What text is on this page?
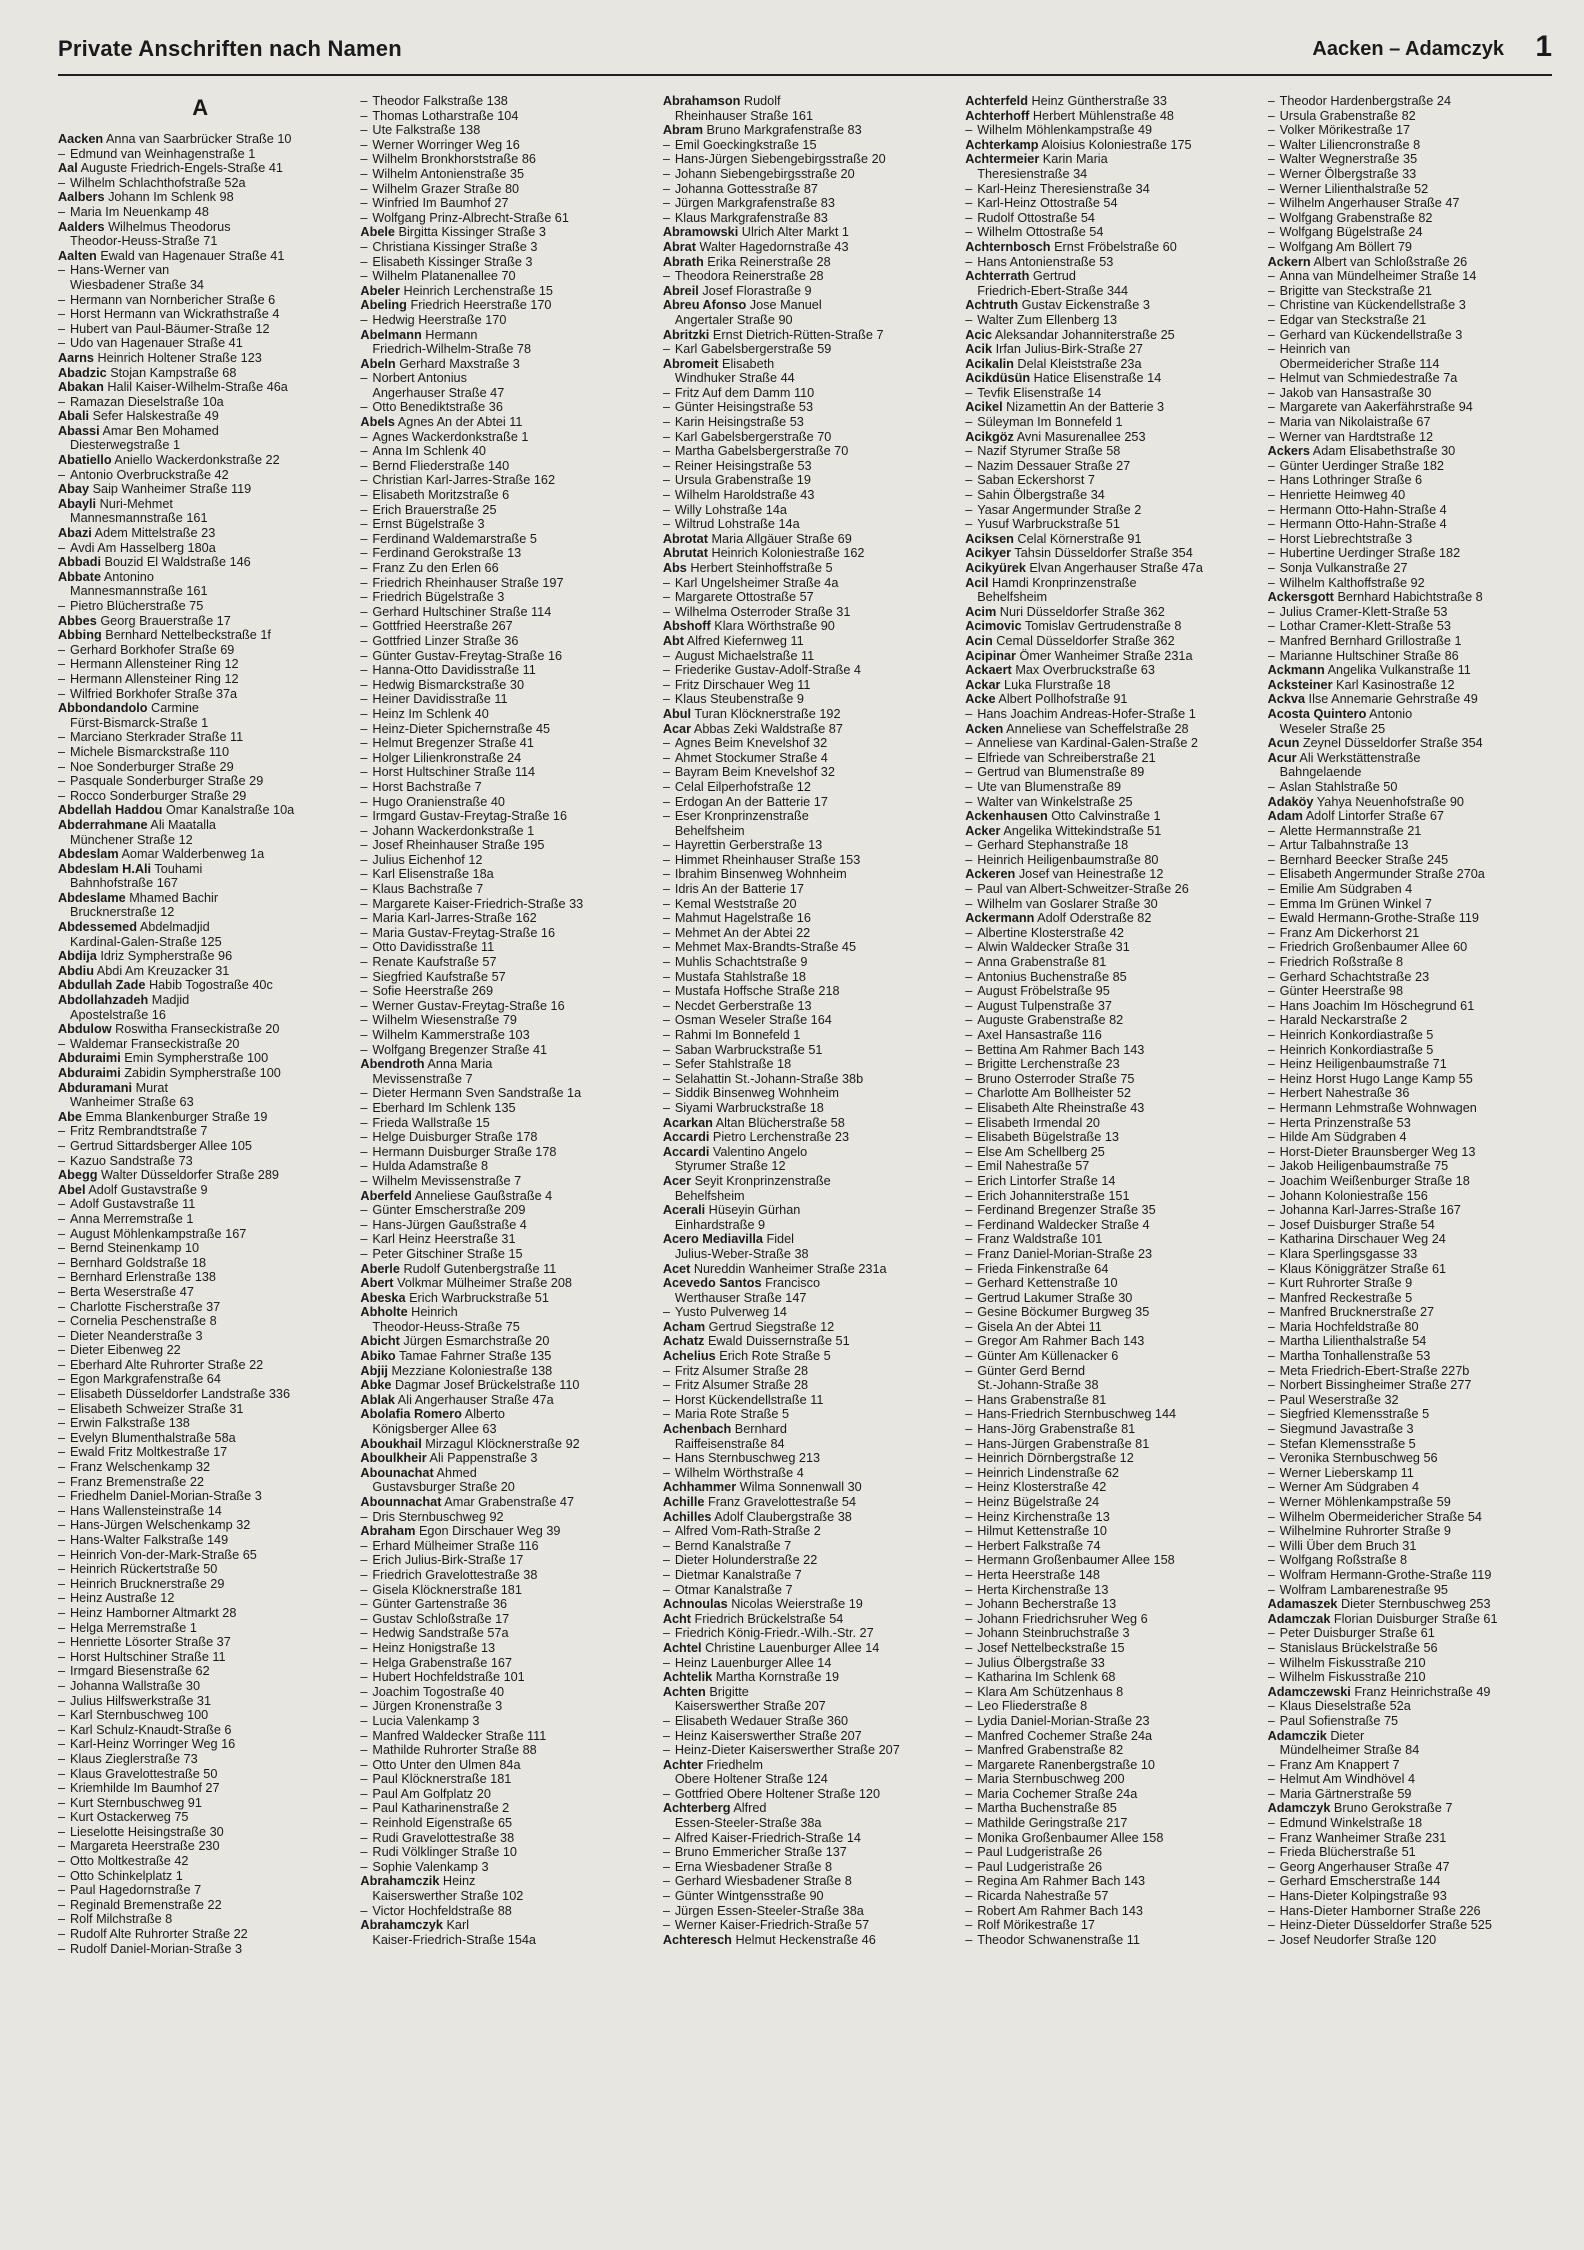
Private Anschriften nach Namen	Aacken – Adamczyk 1
A
Aacken Anna van Saarbrücker Straße 10
– Edmund van Weinhagenstraße 1
Aal Auguste Friedrich-Engels-Straße 41
– Wilhelm Schlachthofstraße 52a
Aalbers Johann Im Schlenk 98
– Maria Im Neuenkamp 48
Aalders Wilhelmus Theodorus
Theodor-Heuss-Straße 71
Aalten Ewald van Hagenauer Straße 41
– Hans-Werner van
Wiesbadener Straße 34
– Hermann van Nornbericher Straße 6
– Horst Hermann van Wickrathstraße 4
– Hubert van Paul-Bäumer-Straße 12
– Udo van Hagenauer Straße 41
Aarns Heinrich Holtener Straße 123
Abadzic Stojan Kampstraße 68
Abakan Halil Kaiser-Wilhelm-Straße 46a
– Ramazan Dieselstraße 10a
Abali Sefer Halskestraße 49
Abassi Amar Ben Mohamed
Diesterwegstraße 1
Abatiello Aniello Wackerdonkstraße 22
– Antonio Overbruckstraße 42
Abay Saip Wanheimer Straße 119
Abayli Nuri-Mehmet
Mannesmannstraße 161
Abazi Adem Mittelstraße 23
– Avdi Am Hasselberg 180a
Abbadi Bouzid El Waldstraße 146
Abbate Antonino
Mannesmannstraße 161
– Pietro Blücherstraße 75
Abbes Georg Brauerstraße 17
Abbing Bernhard Nettelbeckstraße 1f
– Gerhard Borkhofer Straße 69
– Hermann Allensteiner Ring 12
– Hermann Allensteiner Ring 12
– Wilfried Borkhofer Straße 37a
Abbondandolo Carmine
Fürst-Bismarck-Straße 1
– Marciano Sterkrader Straße 11
– Michele Bismarckstraße 110
– Noe Sonderburger Straße 29
– Pasquale Sonderburger Straße 29
– Rocco Sonderburger Straße 29
Abdellah Haddou Omar Kanalstraße 10a
Abderrahmane Ali Maatalla
Münchener Straße 12
Abdeslam Aomar Walderbenweg 1a
Abdeslam H.Ali Touhami
Bahnhofstraße 167
Abdeslame Mhamed Bachir
Brucknerstraße 12
Abdessemed Abdelmadjid
Kardinal-Galen-Straße 125
Abdija Idriz Sympherstraße 96
Abdiu Abdi Am Kreuzacker 31
Abdullah Zade Habib Togostraße 40c
Abdollahzadeh Madjid
Apostelstraße 16
Abdulow Roswitha Franseckistraße 20
– Waldemar Franseckistraße 20
Abduraimi Emin Sympherstraße 100
Abduraimi Zabidin Sympherstraße 100
Abduramani Murat
Wanheimer Straße 63
Abe Emma Blankenburger Straße 19
– Fritz Rembrandtstraße 7
– Gertrud Sittardsberger Allee 105
– Kazuo Sandstraße 73
Abegg Walter Düsseldorfer Straße 289
Abel Adolf Gustavstraße 9
– Adolf Gustavstraße 11
– Anna Merremstraße 1
– August Möhlenkampstraße 167
– Bernd Steinenkamp 10
– Bernhard Goldstraße 18
– Bernhard Erlenstraße 138
– Berta Weserstraße 47
– Charlotte Fischerstraße 37
– Cornelia Peschenstraße 8
– Dieter Neanderstraße 3
– Dieter Eibenweg 22
– Eberhard Alte Ruhrorter Straße 22
– Egon Markgrafenstraße 64
– Elisabeth Düsseldorfer Landstraße 336
– Elisabeth Schweizer Straße 31
– Erwin Falkstraße 138
– Evelyn Blumenthalstraße 58a
– Ewald Fritz Moltkestraße 17
– Franz Welschenkamp 32
– Franz Bremenstraße 22
– Friedhelm Daniel-Morian-Straße 3
– Hans Wallensteinstraße 14
– Hans-Jürgen Welschenkamp 32
– Hans-Walter Falkstraße 149
– Heinrich Von-der-Mark-Straße 65
– Heinrich Rückertstraße 50
– Heinrich Brucknerstraße 29
– Heinz Austraße 12
– Heinz Hamborner Altmarkt 28
– Helga Merremstraße 1
– Henriette Lösorter Straße 37
– Horst Hultschiner Straße 11
– Irmgard Biesenstraße 62
– Johanna Wallstraße 30
– Julius Hilfswerkstraße 31
– Karl Sternbuschweg 100
– Karl Schulz-Knaudt-Straße 6
– Karl-Heinz Worringer Weg 16
– Klaus Zieglerstraße 73
– Klaus Gravelottestraße 50
– Kriemhilde Im Baumhof 27
– Kurt Sternbuschweg 91
– Kurt Ostackerweg 75
– Lieselotte Heisingstraße 30
– Margareta Heerstraße 230
– Otto Moltkestraße 42
– Otto Schinkelplatz 1
– Paul Hagedornstraße 7
– Reginald Bremenstraße 22
– Rolf Milchstraße 8
– Rudolf Alte Ruhrorter Straße 22
– Rudolf Daniel-Morian-Straße 3
– Theodor Falkstraße 138
– Thomas Lotharstraße 104
– Ute Falkstraße 138
– Werner Worringer Weg 16
– Wilhelm Bronkhorststraße 86
– Wilhelm Antonienstraße 35
– Wilhelm Grazer Straße 80
– Winfried Im Baumhof 27
– Wolfgang Prinz-Albrecht-Straße 61
Abele Birgitta Kissinger Straße 3
– Christiana Kissinger Straße 3
– Elisabeth Kissinger Straße 3
– Wilhelm Platanenallee 70
Abeler Heinrich Lerchenstraße 15
Abeling Friedrich Heerstraße 170
– Hedwig Heerstraße 170
Abelmann Hermann
Friedrich-Wilhelm-Straße 78
Abeln Gerhard Maxstraße 3
– Norbert Antonius
Angerhauser Straße 47
– Otto Benediktstraße 36
Abels Agnes An der Abtei 11
– Agnes Wackerdonkstraße 1
– Anna Im Schlenk 40
– Bernd Fliederstraße 140
– Christian Karl-Jarres-Straße 162
– Elisabeth Moritzstraße 6
– Erich Brauerstraße 25
– Ernst Bügelstraße 3
– Ferdinand Waldemarstraße 5
– Ferdinand Gerokstraße 13
– Franz Zu den Erlen 66
– Friedrich Rheinhauser Straße 197
– Friedrich Bügelstraße 3
– Gerhard Hultschiner Straße 114
– Gottfried Heerstraße 267
– Gottfried Linzer Straße 36
– Günter Gustav-Freytag-Straße 16
– Hanna-Otto Davidisstraße 11
– Hedwig Bismarckstraße 30
– Heiner Davidisstraße 11
– Heinz Im Schlenk 40
– Heinz-Dieter Spichernstraße 45
– Helmut Bregenzer Straße 41
– Holger Lilienkronstraße 24
– Horst Hultschiner Straße 114
– Horst Bachstraße 7
– Hugo Oranienstraße 40
– Irmgard Gustav-Freytag-Straße 16
– Johann Wackerdonkstraße 1
– Josef Rheinhauser Straße 195
– Julius Eichenhof 12
– Karl Elisenstraße 18a
– Klaus Bachstraße 7
– Margarete Kaiser-Friedrich-Straße 33
– Maria Karl-Jarres-Straße 162
– Maria Gustav-Freytag-Straße 16
– Otto Davidisstraße 11
– Renate Kaufstraße 57
– Siegfried Kaufstraße 57
– Sofie Heerstraße 269
– Werner Gustav-Freytag-Straße 16
– Wilhelm Wiesenstraße 79
– Wilhelm Kammerstraße 103
– Wolfgang Bregenzer Straße 41
Abendroth Anna Maria
Mevissenstraße 7
– Dieter Hermann Sven Sandstraße 1a
– Eberhard Im Schlenk 135
– Frieda Wallstraße 15
– Helge Duisburger Straße 178
– Hermann Duisburger Straße 178
– Hulda Adamstraße 8
– Wilhelm Mevissenstraße 7
Aberfeld Anneliese Gaußstraße 4
– Günter Emscherstraße 209
– Hans-Jürgen Gaußstraße 4
– Karl Heinz Heerstraße 31
– Peter Gitschiner Straße 15
Aberle Rudolf Gutenbergstraße 11
Abert Volkmar Mülheimer Straße 208
Abeska Erich Warbruckstraße 51
Abholte Heinrich
Theodor-Heuss-Straße 75
Abicht Jürgen Esmarchstraße 20
Abiko Tamae Fahrner Straße 135
Abjij Mezziane Koloniestraße 138
Abke Dagmar Josef Brückelstraße 110
Ablak Ali Angerhauser Straße 47a
Abolafia Romero Alberto
Königsberger Allee 63
Aboukhail Mirzagul Klöcknerstraße 92
Aboulkheir Ali Pappenstraße 3
Abounachat Ahmed
Gustavsburger Straße 20
Abounnachat Amar Grabenstraße 47
– Dris Sternbuschweg 92
Abraham Egon Dirschauer Weg 39
– Erhard Mülheimer Straße 116
– Erich Julius-Birk-Straße 17
– Friedrich Gravelottestraße 38
– Gisela Klöcknerstraße 181
– Günter Gartenstraße 36
– Gustav Schloßstraße 17
– Hedwig Sandstraße 57a
– Heinz Honigstraße 13
– Helga Grabenstraße 167
– Hubert Hochfeldstraße 101
– Joachim Togostraße 40
– Jürgen Kronenstraße 3
– Lucia Valenkamp 3
– Manfred Waldecker Straße 111
– Mathilde Ruhrorter Straße 88
– Otto Unter den Ulmen 84a
– Paul Klöcknerstraße 181
– Paul Am Golfplatz 20
– Paul Katharinenstraße 2
– Reinhold Eigenstraße 65
– Rudi Gravelottestraße 38
– Rudi Völklinger Straße 10
– Sophie Valenkamp 3
Abrahamczik Heinz
Kaiserswerther Straße 102
– Victor Hochfeldstraße 88
Abrahamczyk Karl
Kaiser-Friedrich-Straße 154a
Abrahamson Rudolf
Rheinhauser Straße 161
Abram Bruno Markgrafenstraße 83
– Emil Goeckingkstraße 15
– Hans-Jürgen Siebengebirgsstraße 20
– Johann Siebengebirgsstraße 20
– Johanna Gottesstraße 87
– Jürgen Markgrafenstraße 83
– Klaus Markgrafenstraße 83
Abramowski Ulrich Alter Markt 1
Abrat Walter Hagedornstraße 43
Abrath Erika Reinerstraße 28
– Theodora Reinerstraße 28
Abreil Josef Florastraße 9
Abreu Afonso Jose Manuel
Angertaler Straße 90
Abritzki Ernst Dietrich-Rütten-Straße 7
– Karl Gabelsbergerstraße 59
Abromeit Elisabeth
Windhuker Straße 44
– Fritz Auf dem Damm 110
– Günter Heisingstraße 53
– Karin Heisingstraße 53
– Karl Gabelsbergerstraße 70
– Martha Gabelsbergerstraße 70
– Reiner Heisingstraße 53
– Ursula Grabenstraße 19
– Wilhelm Haroldstraße 43
– Willy Lohstraße 14a
– Wiltrud Lohstraße 14a
Abrotat Maria Allgäuer Straße 69
Abrutat Heinrich Koloniestraße 162
Abs Herbert Steinhoffstraße 5
– Karl Ungelsheimer Straße 4a
– Margarete Ottostraße 57
– Wilhelma Osterroder Straße 31
Abshoff Klara Wörthstraße 90
Abt Alfred Kiefernweg 11
– August Michaelstraße 11
– Friederike Gustav-Adolf-Straße 4
– Fritz Dirschauer Weg 11
– Klaus Steubenstraße 9
Abul Turan Klöcknerstraße 192
Acar Abbas Zeki Waldstraße 87
– Agnes Beim Knevelshof 32
– Ahmet Stockumer Straße 4
– Bayram Beim Knevelshof 32
– Celal Eilperhofstraße 12
– Erdogan An der Batterie 17
– Eser Kronprinzenstraße
Behelfsheim
– Hayrettin Gerberstraße 13
– Himmet Rheinhauser Straße 153
– Ibrahim Binsenweg Wohnheim
– Idris An der Batterie 17
– Kemal Weststraße 20
– Mahmut Hagelstraße 16
– Mehmet An der Abtei 22
– Mehmet Max-Brandts-Straße 45
– Muhlis Schachtstraße 9
– Mustafa Stahlstraße 18
– Mustafa Hoffsche Straße 218
– Necdet Gerberstraße 13
– Osman Weseler Straße 164
– Rahmi Im Bonnefeld 1
– Saban Warbruckstraße 51
– Sefer Stahlstraße 18
– Selahattin St.-Johann-Straße 38b
– Siddik Binsenweg Wohnheim
– Siyami Warbruckstraße 18
Acarkan Altan Blücherstraße 58
Accardi Pietro Lerchenstraße 23
Accardi Valentino Angelo
Styrumer Straße 12
Acer Seyit Kronprinzenstraße
Behelfsheim
Acerali Hüseyin Gürhan
Einhardstraße 9
Acero Mediavilla Fidel
Julius-Weber-Straße 38
Acet Nureddin Wanheimer Straße 231a
Acevedo Santos Francisco
Werthauser Straße 147
– Yusto Pulverweg 14
Acham Gertrud Siegstraße 12
Achatz Ewald Duissernstraße 51
Achelius Erich Rote Straße 5
– Fritz Alsumer Straße 28
– Fritz Alsumer Straße 28
– Horst Kückendellstraße 11
– Maria Rote Straße 5
Achenbach Bernhard
Raiffeisenstraße 84
– Hans Sternbuschweg 213
– Wilhelm Wörthstraße 4
Achhammer Wilma Sonnenwall 30
Achille Franz Gravelottestraße 54
Achilles Adolf Claubergstraße 38
– Alfred Vom-Rath-Straße 2
– Bernd Kanalstraße 7
– Dieter Holunderstraße 22
– Dietmar Kanalstraße 7
– Otmar Kanalstraße 7
Achnoulas Nicolas Weierstraße 19
Acht Friedrich Brückelstraße 54
– Friedrich König-Friedr.-Wilh.-Str. 27
Achtel Christine Lauenburger Allee 14
– Heinz Lauenburger Allee 14
Achtelik Martha Kornstraße 19
Achten Brigitte
Kaiserswerther Straße 207
– Elisabeth Wedauer Straße 360
– Heinz Kaiserswerther Straße 207
– Heinz-Dieter Kaiserswerther Straße 207
Achter Friedhelm
Obere Holtener Straße 124
– Gottfried Obere Holtener Straße 120
Achterberg Alfred
Essen-Steeler-Straße 38a
– Alfred Kaiser-Friedrich-Straße 14
– Bruno Emmericher Straße 137
– Erna Wiesbadener Straße 8
– Gerhard Wiesbadener Straße 8
– Günter Wintgensstraße 90
– Jürgen Essen-Steeler-Straße 38a
– Werner Kaiser-Friedrich-Straße 57
Achteresch Helmut Heckenstraße 46
Achterfeld Heinz Güntherstraße 33
Achterhoff Herbert Mühlenstraße 48
– Wilhelm Möhlenkampstraße 49
Achterkamp Aloisius Koloniestraße 175
Achtermeier Karin Maria
Theresienstraße 34
– Karl-Heinz Theresienstraße 34
– Karl-Heinz Ottostraße 54
– Rudolf Ottostraße 54
– Wilhelm Ottostraße 54
Achternbosch Ernst Fröbelstraße 60
– Hans Antonienstraße 53
Achterrath Gertrud
Friedrich-Ebert-Straße 344
Achtruth Gustav Eickenstraße 3
– Walter Zum Ellenberg 13
Acic Aleksandar Johanniterstraße 25
Acik Irfan Julius-Birk-Straße 27
Acikalin Delal Kleiststraße 23a
Acikdüsün Hatice Elisenstraße 14
– Tevfik Elisenstraße 14
Acikel Nizamettin An der Batterie 3
– Süleyman Im Bonnefeld 1
Acikgöz Avni Masurenallee 253
– Nazif Styrumer Straße 58
– Nazim Dessauer Straße 27
– Saban Eckershorst 7
– Sahin Ölbergstraße 34
– Yasar Angermunder Straße 2
– Yusuf Warbruckstraße 51
Aciksen Celal Körnerstraße 91
Acikyer Tahsin Düsseldorfer Straße 354
Acikyürek Elvan Angerhauser Straße 47a
Acil Hamdi Kronprinzenstraße
Behelfsheim
Acim Nuri Düsseldorfer Straße 362
Acimovic Tomislav Gertrudenstraße 8
Acin Cemal Düsseldorfer Straße 362
Acipinar Ömer Wanheimer Straße 231a
Ackaert Max Overbruckstraße 63
Ackar Luka Flurstraße 18
Acke Albert Pollhofstraße 91
– Hans Joachim Andreas-Hofer-Straße 1
Acken Anneliese van Scheffelstraße 28
– Anneliese van Kardinal-Galen-Straße 2
– Elfriede van Schreiberstraße 21
– Gertrud van Blumenstraße 89
– Ute van Blumenstraße 89
– Walter van Winkelstraße 25
Ackenhausen Otto Calvinstraße 1
Acker Angelika Wittekindstraße 51
– Gerhard Stephanstraße 18
– Heinrich Heiligenbaumstraße 80
Ackeren Josef van Heinestraße 12
– Paul van Albert-Schweitzer-Straße 26
– Wilhelm van Goslarer Straße 30
Ackermann Adolf Oderstraße 82
– Albertine Klosterstraße 42
– Alwin Waldecker Straße 31
– Anna Grabenstraße 81
– Antonius Buchenstraße 85
– August Fröbelstraße 95
– August Tulpenstraße 37
– Auguste Grabenstraße 82
– Axel Hansastraße 116
– Bettina Am Rahmer Bach 143
– Brigitte Lerchenstraße 23
– Bruno Osterroder Straße 75
– Charlotte Am Bollheister 52
– Elisabeth Alte Rheinstraße 43
– Elisabeth Irmendal 20
– Elisabeth Bügelstraße 13
– Else Am Schellberg 25
– Emil Nahestraße 57
– Erich Lintorfer Straße 14
– Erich Johanniterstraße 151
– Ferdinand Bregenzer Straße 35
– Ferdinand Waldecker Straße 4
– Franz Waldstraße 101
– Franz Daniel-Morian-Straße 23
– Frieda Finkenstraße 64
– Gerhard Kettenstraße 10
– Gertrud Lakumer Straße 30
– Gesine Böckumer Burgweg 35
– Gisela An der Abtei 11
– Gregor Am Rahmer Bach 143
– Günter Am Küllenacker 6
– Günter Gerd Bernd
St.-Johann-Straße 38
– Hans Grabenstraße 81
– Hans-Friedrich Sternbuschweg 144
– Hans-Jörg Grabenstraße 81
– Hans-Jürgen Grabenstraße 81
– Heinrich Dörnbergstraße 12
– Heinrich Lindenstraße 62
– Heinz Klosterstraße 42
– Heinz Bügelstraße 24
– Heinz Kirchenstraße 13
– Hilmut Kettenstraße 10
– Herbert Falkstraße 74
– Hermann Großenbaumer Allee 158
– Herta Heerstraße 148
– Herta Kirchenstraße 13
– Johann Becherstraße 13
– Johann Friedrichsruher Weg 6
– Johann Steinbruchstraße 3
– Josef Nettelbeckstraße 15
– Julius Ölbergstraße 33
– Katharina Im Schlenk 68
– Klara Am Schützenhaus 8
– Leo Fliederstraße 8
– Lydia Daniel-Morian-Straße 23
– Manfred Cochemer Straße 24a
– Manfred Grabenstraße 82
– Margarete Ranenbergstraße 10
– Maria Sternbuschweg 200
– Maria Cochemer Straße 24a
– Martha Buchenstraße 85
– Mathilde Geringstraße 217
– Monika Großenbaumer Allee 158
– Paul Ludgeristraße 26
– Paul Ludgeristraße 26
– Regina Am Rahmer Bach 143
– Ricarda Nahestraße 57
– Robert Am Rahmer Bach 143
– Rolf Mörikestraße 17
– Theodor Schwanenstraße 11
– Theodor Hardenbergstraße 24
– Ursula Grabenstraße 82
– Volker Mörikestraße 17
– Walter Liliencronstraße 8
– Walter Wegnerstraße 35
– Werner Ölbergstraße 33
– Werner Lilienthalstraße 52
– Wilhelm Angerhauser Straße 47
– Wolfgang Grabenstraße 82
– Wolfgang Bügelstraße 24
– Wolfgang Am Böllert 79
Ackern Albert van Schloßstraße 26
– Anna van Mündelheimer Straße 14
– Brigitte van Steckstraße 21
– Christine van Kückendellstraße 3
– Edgar van Steckstraße 21
– Gerhard van Kückendellstraße 3
– Heinrich van
Obermeidericher Straße 114
– Helmut van Schmiedestraße 7a
– Jakob van Hansastraße 30
– Margarete van Aakerfährstraße 94
– Maria van Nikolaistraße 67
– Werner van Hardtstraße 12
Ackers Adam Elisabethstraße 30
– Günter Uerdinger Straße 182
– Hans Lothringer Straße 6
– Henriette Heimweg 40
– Hermann Otto-Hahn-Straße 4
– Hermann Otto-Hahn-Straße 4
– Horst Liebrechtstraße 3
– Hubertine Uerdinger Straße 182
– Sonja Vulkanstraße 27
– Wilhelm Kalthoffstraße 92
Ackersgott Bernhard Habichtstraße 8
– Julius Cramer-Klett-Straße 53
– Lothar Cramer-Klett-Straße 53
– Manfred Bernhard Grillostraße 1
– Marianne Hultschiner Straße 86
Ackmann Angelika Vulkanstraße 11
Acksteiner Karl Kasinostraße 12
Ackva Ilse Annemarie Gehrstraße 49
Acosta Quintero Antonio
Weseler Straße 25
Acun Zeynel Düsseldorfer Straße 354
Acur Ali Werkstättenstraße
Bahngelaende
– Aslan Stahlstraße 50
Adaköy Yahya Neuenhofstraße 90
Adam Adolf Lintorfer Straße 67
– Alette Hermannstraße 21
– Artur Talbahnstraße 13
– Bernhard Beecker Straße 245
– Elisabeth Angermunder Straße 270a
– Emilie Am Südgraben 4
– Emma Im Grünen Winkel 7
– Ewald Hermann-Grothe-Straße 119
– Franz Am Dickerhorst 21
– Friedrich Großenbaumer Allee 60
– Friedrich Roßstraße 8
– Gerhard Schachtstraße 23
– Günter Heerstraße 98
– Hans Joachim Im Höschegrund 61
– Harald Neckarstraße 2
– Heinrich Konkordiastraße 5
– Heinrich Konkordiastraße 5
– Heinz Heiligenbaumstraße 71
– Heinz Horst Hugo Lange Kamp 55
– Herbert Nahestraße 36
– Hermann Lehmstraße Wohnwagen
– Herta Prinzenstraße 53
– Hilde Am Südgraben 4
– Horst-Dieter Braunsberger Weg 13
– Jakob Heiligenbaumstraße 75
– Joachim Weißenburger Straße 18
– Johann Koloniestraße 156
– Johanna Karl-Jarres-Straße 167
– Josef Duisburger Straße 54
– Katharina Dirschauer Weg 24
– Klara Sperlingsgasse 33
– Klaus Königgrätzer Straße 61
– Kurt Ruhrorter Straße 9
– Manfred Reckestraße 5
– Manfred Brucknerstraße 27
– Maria Hochfeldstraße 80
– Martha Lilienthalstraße 54
– Martha Tonhallenstraße 53
– Meta Friedrich-Ebert-Straße 227b
– Norbert Bissingheimer Straße 277
– Paul Weserstraße 32
– Siegfried Klemensstraße 5
– Siegmund Javastraße 3
– Stefan Klemensstraße 5
– Veronika Sternbuschweg 56
– Werner Lieberskamp 11
– Werner Am Südgraben 4
– Werner Möhlenkampstraße 59
– Wilhelm Obermeidericher Straße 54
– Wilhelmine Ruhrorter Straße 9
– Willi Über dem Bruch 31
– Wolfgang Roßstraße 8
– Wolfram Hermann-Grothe-Straße 119
– Wolfram Lambarenestraße 95
Adamaszek Dieter Sternbuschweg 253
Adamczak Florian Duisburger Straße 61
– Peter Duisburger Straße 61
– Stanislaus Brückelstraße 56
– Wilhelm Fiskusstraße 210
– Wilhelm Fiskusstraße 210
Adamczewski Franz Heinrichstraße 49
– Klaus Dieselstraße 52a
– Paul Sofienstraße 75
Adamczik Dieter
Mündelheimer Straße 84
– Franz Am Knappert 7
– Helmut Am Windhövel 4
– Maria Gärtnerstraße 59
Adamczyk Bruno Gerokstraße 7
– Edmund Winkelstraße 18
– Franz Wanheimer Straße 231
– Frieda Blücherstraße 51
– Georg Angerhauser Straße 47
– Gerhard Emscherstraße 144
– Hans-Dieter Kolpingstraße 93
– Hans-Dieter Hamborner Straße 226
– Heinz-Dieter Düsseldorfer Straße 525
– Josef Neudorfer Straße 120
